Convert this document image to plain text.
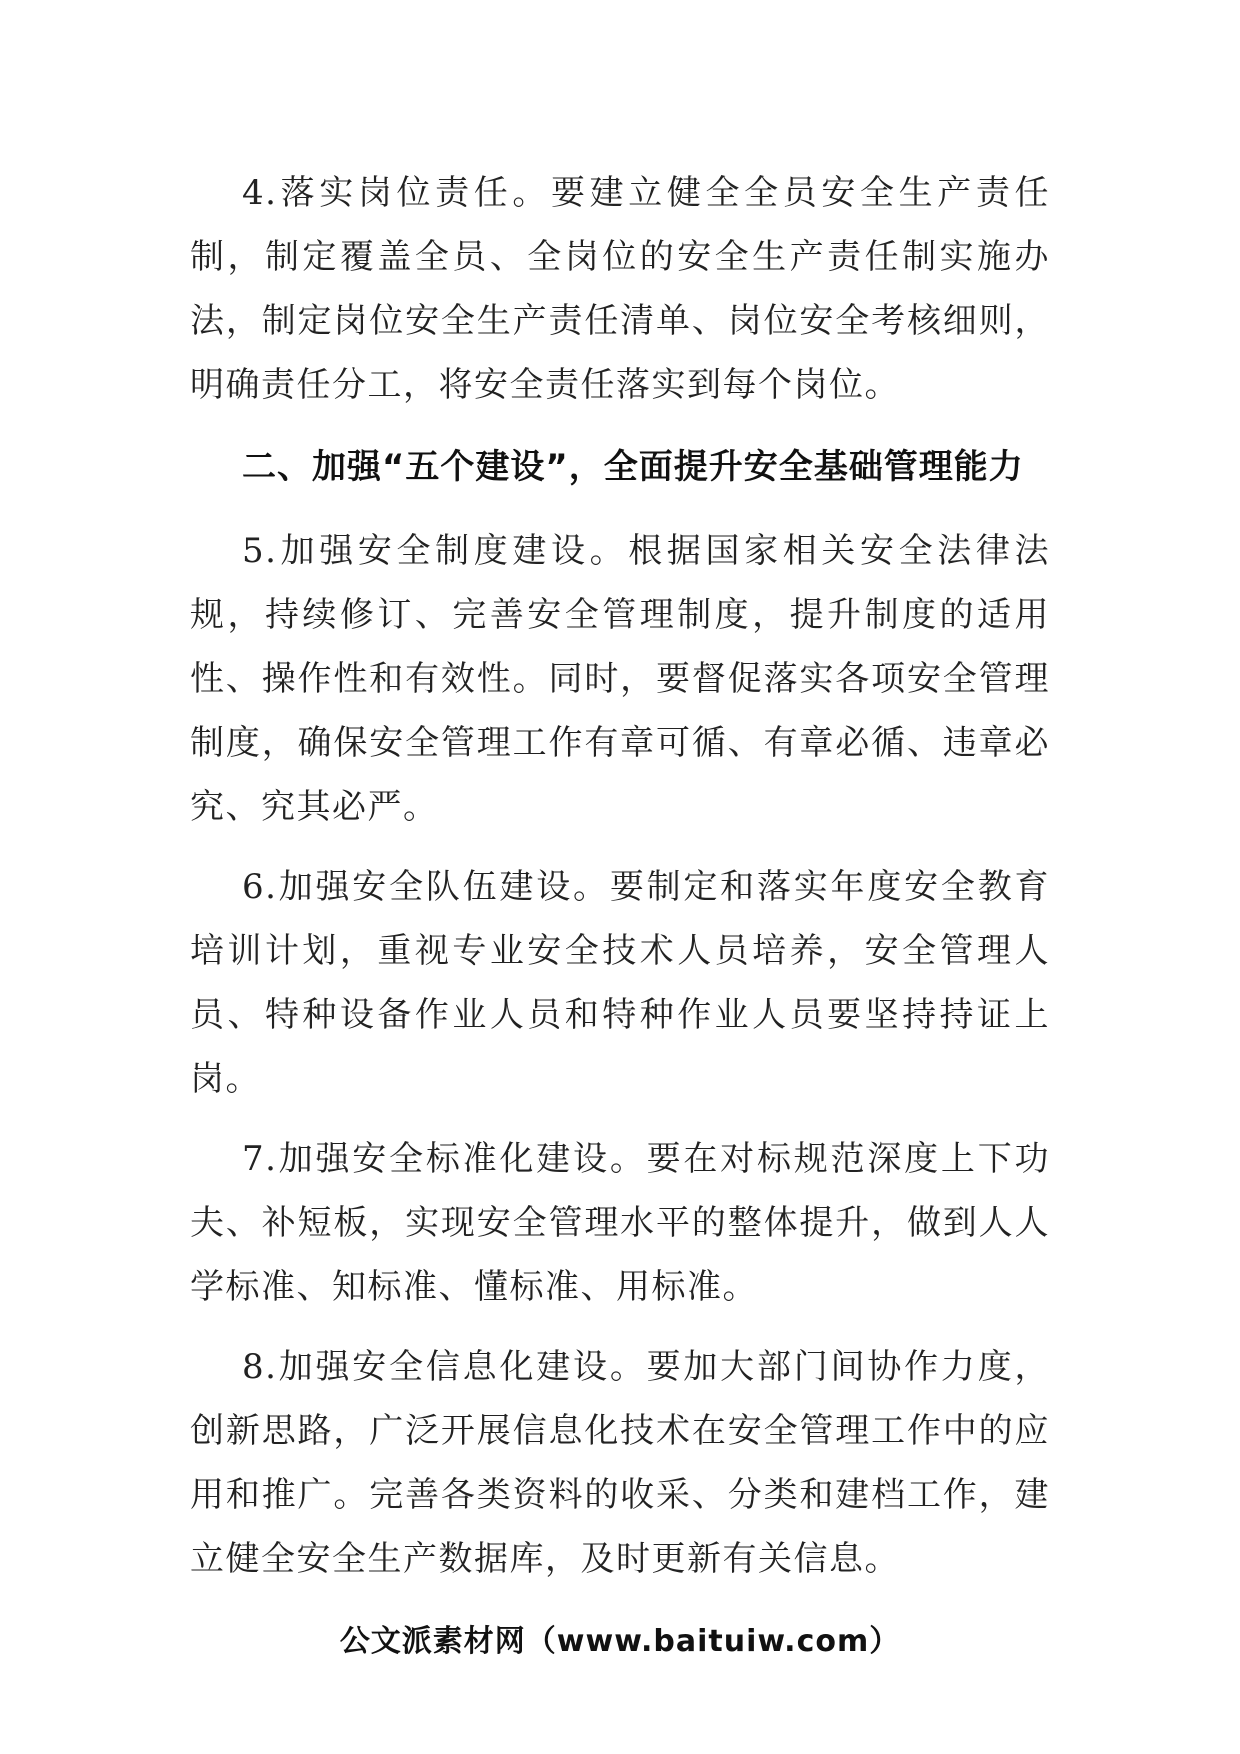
4.落实岗位责任。要建立健全全员安全生产责任制，制定覆盖全员、全岗位的安全生产责任制实施办法，制定岗位安全生产责任清单、岗位安全考核细则，明确责任分工，将安全责任落实到每个岗位。

二、加强“五个建设”，全面提升安全基础管理能力

5.加强安全制度建设。根据国家相关安全法律法规，持续修订、完善安全管理制度，提升制度的适用性、操作性和有效性。同时，要督促落实各项安全管理制度，确保安全管理工作有章可循、有章必循、违章必究、究其必严。

6.加强安全队伍建设。要制定和落实年度安全教育培训计划，重视专业安全技术人员培养，安全管理人员、特种设备作业人员和特种作业人员要坚持持证上岗。

7.加强安全标准化建设。要在对标规范深度上下功夫、补短板，实现安全管理水平的整体提升，做到人人学标准、知标准、懂标准、用标准。

8.加强安全信息化建设。要加大部门间协作力度，创新思路，广泛开展信息化技术在安全管理工作中的应用和推广。完善各类资料的收采、分类和建档工作，建立健全安全生产数据库，及时更新有关信息。

公文派素材网（www.baituiw.com）
